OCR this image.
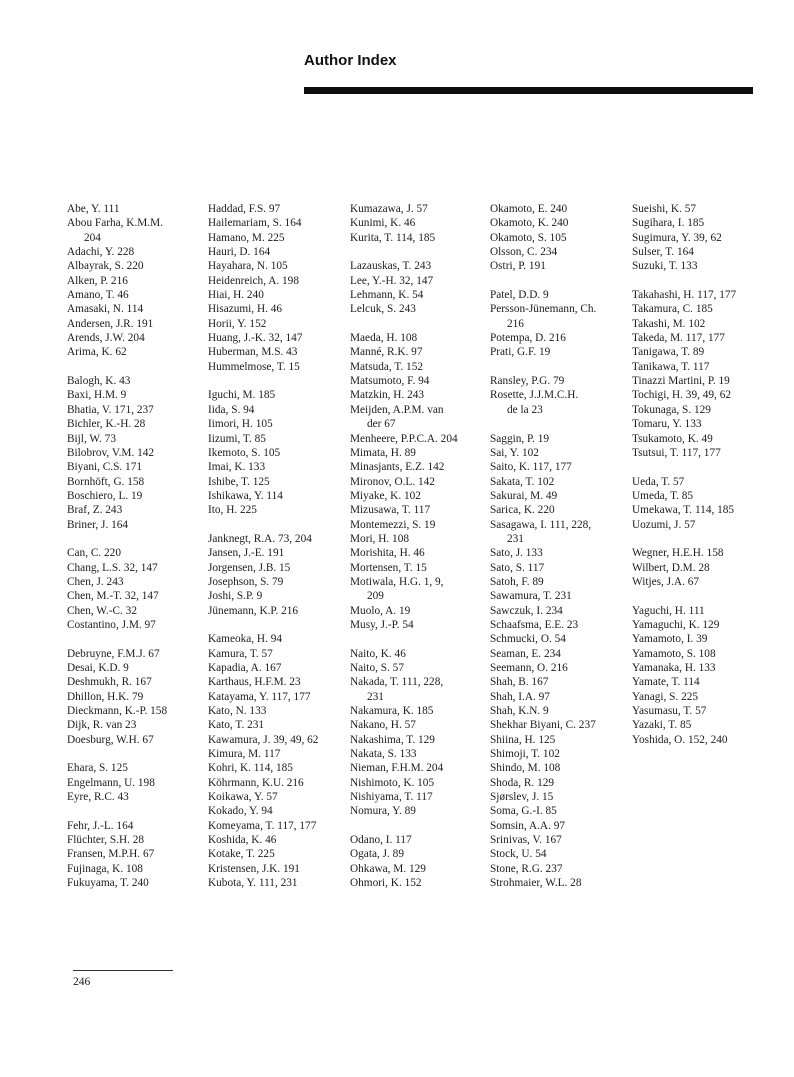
Author Index
Abe, Y. 111
Abou Farha, K.M.M.
204
Adachi, Y. 228
Albayrak, S. 220
Alken, P. 216
Amano, T. 46
Amasaki, N. 114
Andersen, J.R. 191
Arends, J.W. 204
Arima, K. 62
Balogh, K. 43
Baxi, H.M. 9
Bhatia, V. 171, 237
Bichler, K.-H. 28
Bijl, W. 73
Bilobrov, V.M. 142
Biyani, C.S. 171
Bornhöft, G. 158
Boschiero, L. 19
Braf, Z. 243
Briner, J. 164
Can, C. 220
Chang, L.S. 32, 147
Chen, J. 243
Chen, M.-T. 32, 147
Chen, W.-C. 32
Costantino, J.M. 97
Debruyne, F.M.J. 67
Desai, K.D. 9
Deshmukh, R. 167
Dhillon, H.K. 79
Dieckmann, K.-P. 158
Dijk, R. van 23
Doesburg, W.H. 67
Ehara, S. 125
Engelmann, U. 198
Eyre, R.C. 43
Fehr, J.-L. 164
Flüchter, S.H. 28
Fransen, M.P.H. 67
Fujinaga, K. 108
Fukuyama, T. 240
Haddad, F.S. 97
Hailemariam, S. 164
Hamano, M. 225
Hauri, D. 164
Hayahara, N. 105
Heidenreich, A. 198
Hiai, H. 240
Hisazumi, H. 46
Horii, Y. 152
Huang, J.-K. 32, 147
Huberman, M.S. 43
Hummelmose, T. 15
Iguchi, M. 185
Iida, S. 94
Iimori, H. 105
Iizumi, T. 85
Ikemoto, S. 105
Imai, K. 133
Ishibe, T. 125
Ishikawa, Y. 114
Ito, H. 225
Janknegt, R.A. 73, 204
Jansen, J.-E. 191
Jorgensen, J.B. 15
Josephson, S. 79
Joshi, S.P. 9
Jünemann, K.P. 216
Kameoka, H. 94
Kamura, T. 57
Kapadia, A. 167
Karthaus, H.F.M. 23
Katayama, Y. 117, 177
Kato, N. 133
Kato, T. 231
Kawamura, J. 39, 49, 62
Kimura, M. 117
Kohri, K. 114, 185
Köhrmann, K.U. 216
Koikawa, Y. 57
Kokado, Y. 94
Komeyama, T. 117, 177
Koshida, K. 46
Kotake, T. 225
Kristensen, J.K. 191
Kubota, Y. 111, 231
Kumazawa, J. 57
Kunimi, K. 46
Kurita, T. 114, 185
Lazauskas, T. 243
Lee, Y.-H. 32, 147
Lehmann, K. 54
Lelcuk, S. 243
Maeda, H. 108
Manné, R.K. 97
Matsuda, T. 152
Matsumoto, F. 94
Matzkin, H. 243
Meijden, A.P.M. van
der 67
Menheere, P.P.C.A. 204
Mimata, H. 89
Minasjants, E.Z. 142
Mironov, O.L. 142
Miyake, K. 102
Mizusawa, T. 117
Montemezzi, S. 19
Mori, H. 108
Morishita, H. 46
Mortensen, T. 15
Motiwala, H.G. 1, 9,
209
Muolo, A. 19
Musy, J.-P. 54
Naito, K. 46
Naito, S. 57
Nakada, T. 111, 228,
231
Nakamura, K. 185
Nakano, H. 57
Nakashima, T. 129
Nakata, S. 133
Nieman, F.H.M. 204
Nishimoto, K. 105
Nishiyama, T. 117
Nomura, Y. 89
Odano, I. 117
Ogata, J. 89
Ohkawa, M. 129
Ohmori, K. 152
Okamoto, E. 240
Okamoto, K. 240
Okamoto, S. 105
Olsson, C. 234
Ostri, P. 191
Patel, D.D. 9
Persson-Jünemann, Ch.
216
Potempa, D. 216
Prati, G.F. 19
Ransley, P.G. 79
Rosette, J.J.M.C.H.
de la 23
Saggin, P. 19
Sai, Y. 102
Saito, K. 117, 177
Sakata, T. 102
Sakurai, M. 49
Sarica, K. 220
Sasagawa, I. 111, 228,
231
Sato, J. 133
Sato, S. 117
Satoh, F. 89
Sawamura, T. 231
Sawczuk, I. 234
Schaafsma, E.E. 23
Schmucki, O. 54
Seaman, E. 234
Seemann, O. 216
Shah, B. 167
Shah, I.A. 97
Shah, K.N. 9
Shekhar Biyani, C. 237
Shiina, H. 125
Shimoji, T. 102
Shindo, M. 108
Shoda, R. 129
Sjørslev, J. 15
Soma, G.-I. 85
Somsin, A.A. 97
Srinivas, V. 167
Stock, U. 54
Stone, R.G. 237
Strohmaier, W.L. 28
Sueishi, K. 57
Sugihara, I. 185
Sugimura, Y. 39, 62
Sulser, T. 164
Suzuki, T. 133
Takahashi, H. 117, 177
Takamura, C. 185
Takashi, M. 102
Takeda, M. 117, 177
Tanigawa, T. 89
Tanikawa, T. 117
Tinazzi Martini, P. 19
Tochigi, H. 39, 49, 62
Tokunaga, S. 129
Tomaru, Y. 133
Tsukamoto, K. 49
Tsutsui, T. 117, 177
Ueda, T. 57
Umeda, T. 85
Umekawa, T. 114, 185
Uozumi, J. 57
Wegner, H.E.H. 158
Wilbert, D.M. 28
Witjes, J.A. 67
Yaguchi, H. 111
Yamaguchi, K. 129
Yamamoto, I. 39
Yamamoto, S. 108
Yamanaka, H. 133
Yamate, T. 114
Yanagi, S. 225
Yasumasu, T. 57
Yazaki, T. 85
Yoshida, O. 152, 240
246
